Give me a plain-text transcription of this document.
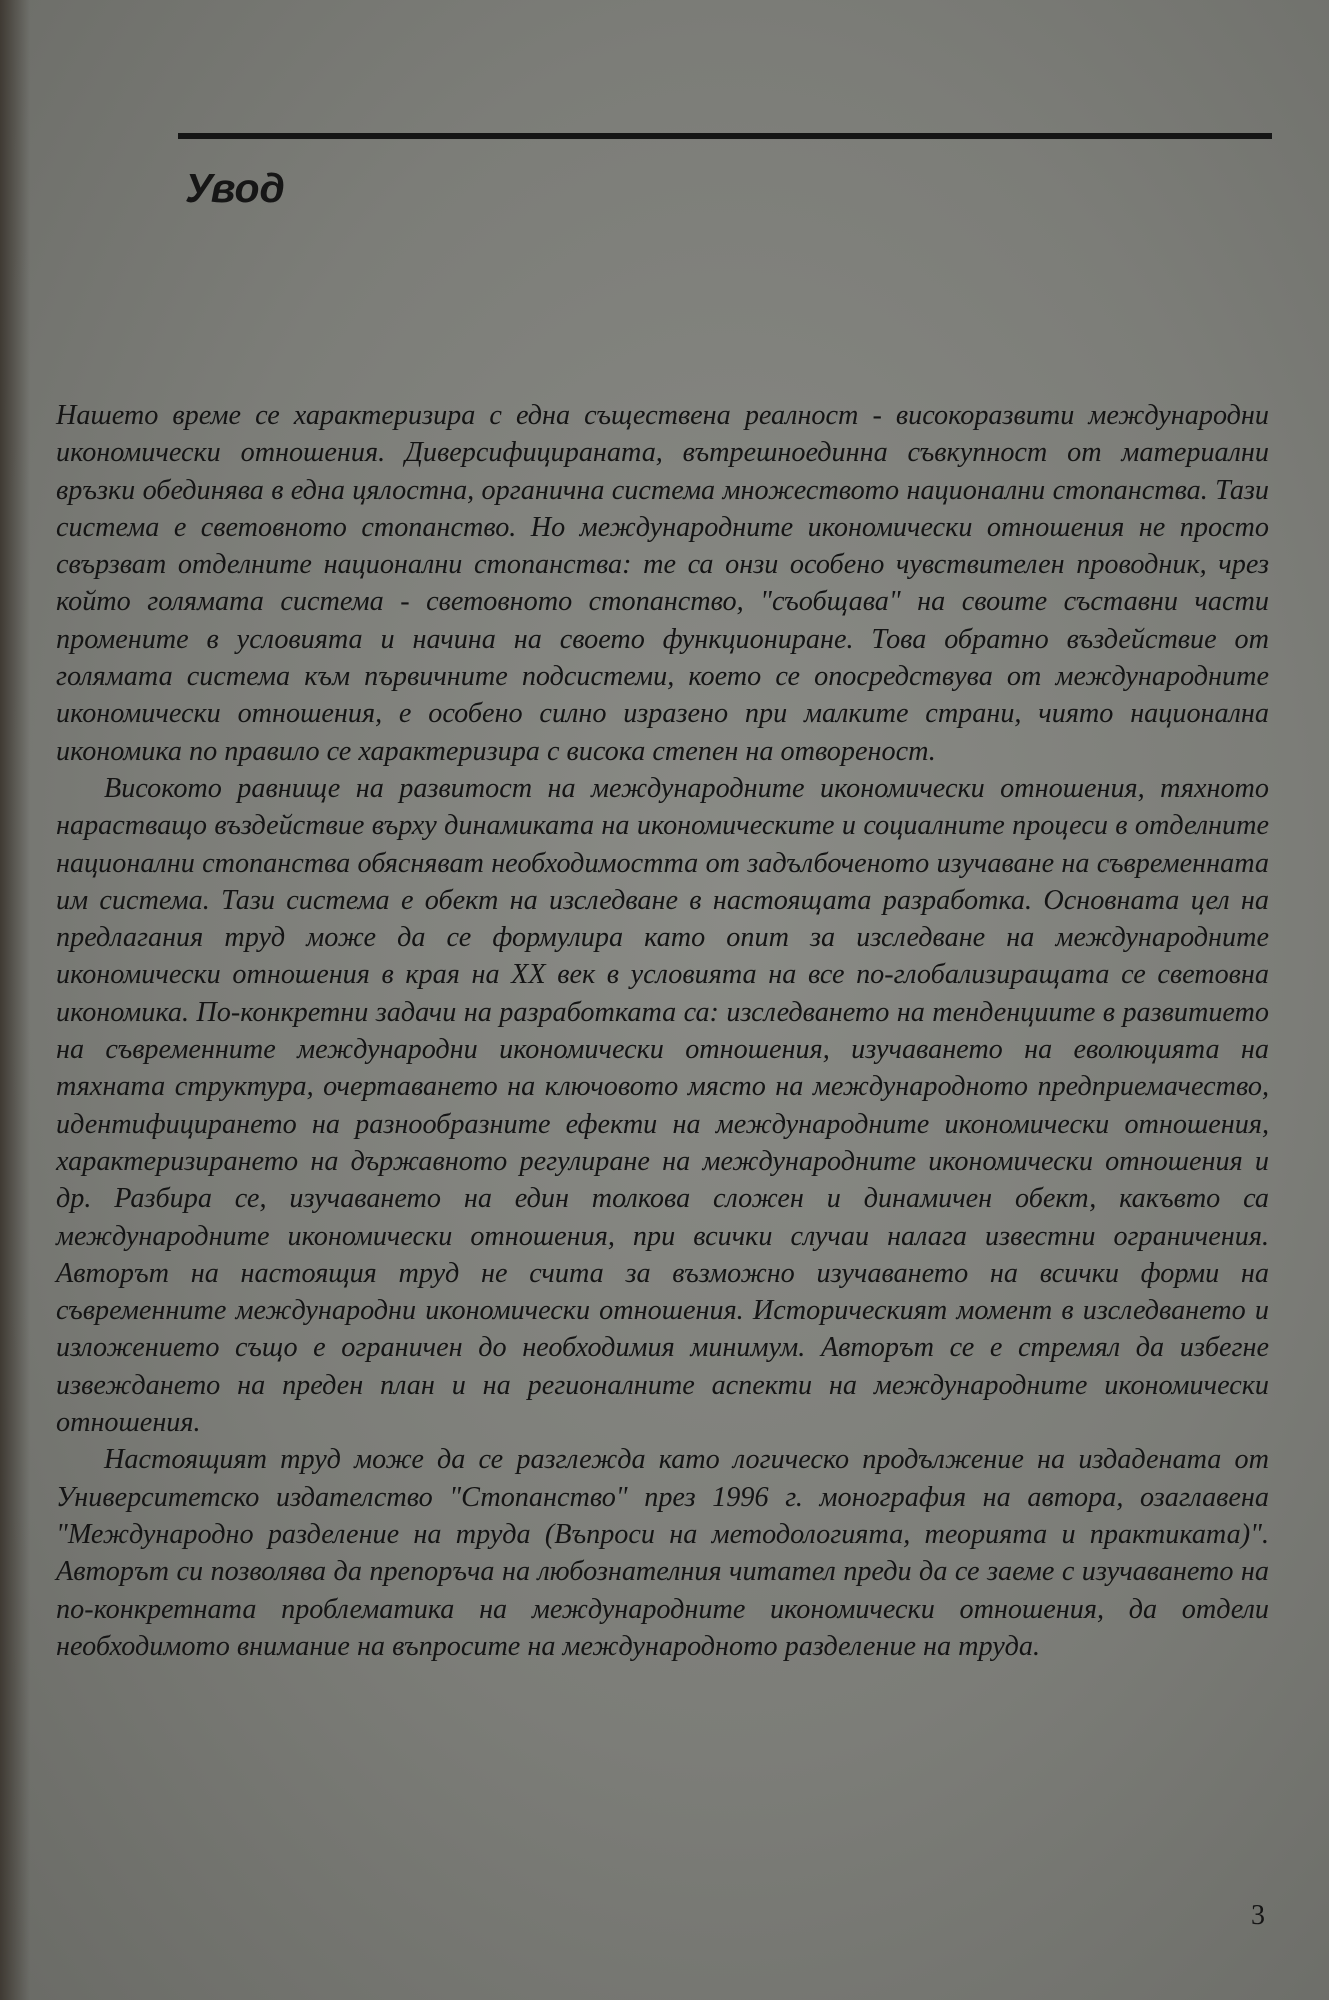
Увод

Нашето време се характеризира с една съществена реалност - високоразвити международни икономически отношения. Диверсифицираната, вътрешноединна съвкупност от материални връзки обединява в една цялостна, органична система множеството национални стопанства. Тази система е световното стопанство. Но международните икономически отношения не просто свързват отделните национални стопанства: те са онзи особено чувствителен проводник, чрез който голямата система - световното стопанство, "съобщава" на своите съставни части промените в условията и начина на своето функциониране. Това обратно въздействие от голямата система към първичните подсистеми, което се опосредствува от международните икономически отношения, е особено силно изразено при малките страни, чиято национална икономика по правило се характеризира с висока степен на отвореност.

Високото равнище на развитост на международните икономически отношения, тяхното нарастващо въздействие върху динамиката на икономическите и социалните процеси в отделните национални стопанства обясняват необходимостта от задълбоченото изучаване на съвременната им система. Тази система е обект на изследване в настоящата разработка. Основната цел на предлагания труд може да се формулира като опит за изследване на международните икономически отношения в края на XX век в условията на все по-глобализиращата се световна икономика. По-конкретни задачи на разработката са: изследването на тенденциите в развитието на съвременните международни икономически отношения, изучаването на еволюцията на тяхната структура, очертаването на ключовото място на международното предприемачество, идентифицирането на разнообразните ефекти на международните икономически отношения, характеризирането на държавното регулиране на международните икономически отношения и др. Разбира се, изучаването на един толкова сложен и динамичен обект, какъвто са международните икономически отношения, при всички случаи налага известни ограничения. Авторът на настоящия труд не счита за възможно изучаването на всички форми на съвременните международни икономически отношения. Историческият момент в изследването и изложението също е ограничен до необходимия минимум. Авторът се е стремял да избегне извеждането на преден план и на регионалните аспекти на международните икономически отношения.

Настоящият труд може да се разглежда като логическо продължение на издадената от Университетско издателство "Стопанство" през 1996 г. монография на автора, озаглавена "Международно разделение на труда (Въпроси на методологията, теорията и практиката)". Авторът си позволява да препоръча на любознателния читател преди да се заеме с изучаването на по-конкретната проблематика на международните икономически отношения, да отдели необходимото внимание на въпросите на международното разделение на труда.

3
